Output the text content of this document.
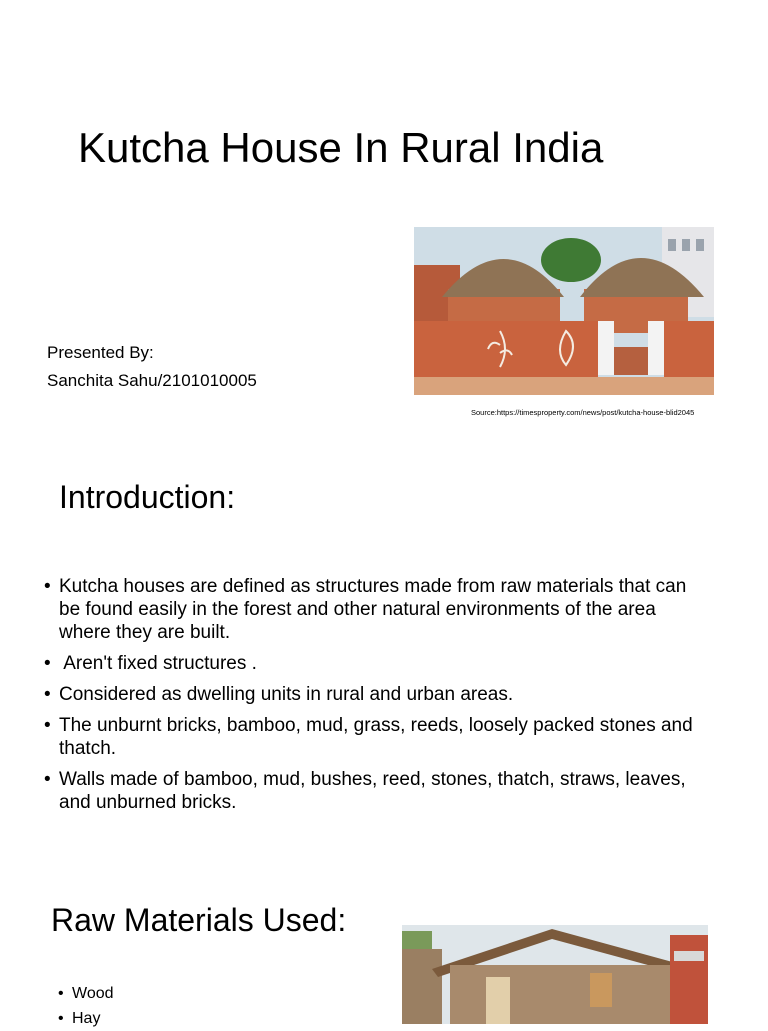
Kutcha House In Rural India
Presented By:
Sanchita Sahu/2101010005
Source:https://timesproperty.com/news/post/kutcha-house-blid2045
Introduction:
• Kutcha houses are defined as structures made from raw materials that can be found easily in the forest and other natural environments of the area where they are built.
• Aren't fixed structures .
• Considered as dwelling units in rural and urban areas.
• The unburnt bricks, bamboo, mud, grass, reeds, loosely packed stones and thatch.
• Walls made of bamboo, mud, bushes, reed, stones, thatch, straws, leaves, and unburned bricks.
Raw Materials Used:
• Wood
• Hay
